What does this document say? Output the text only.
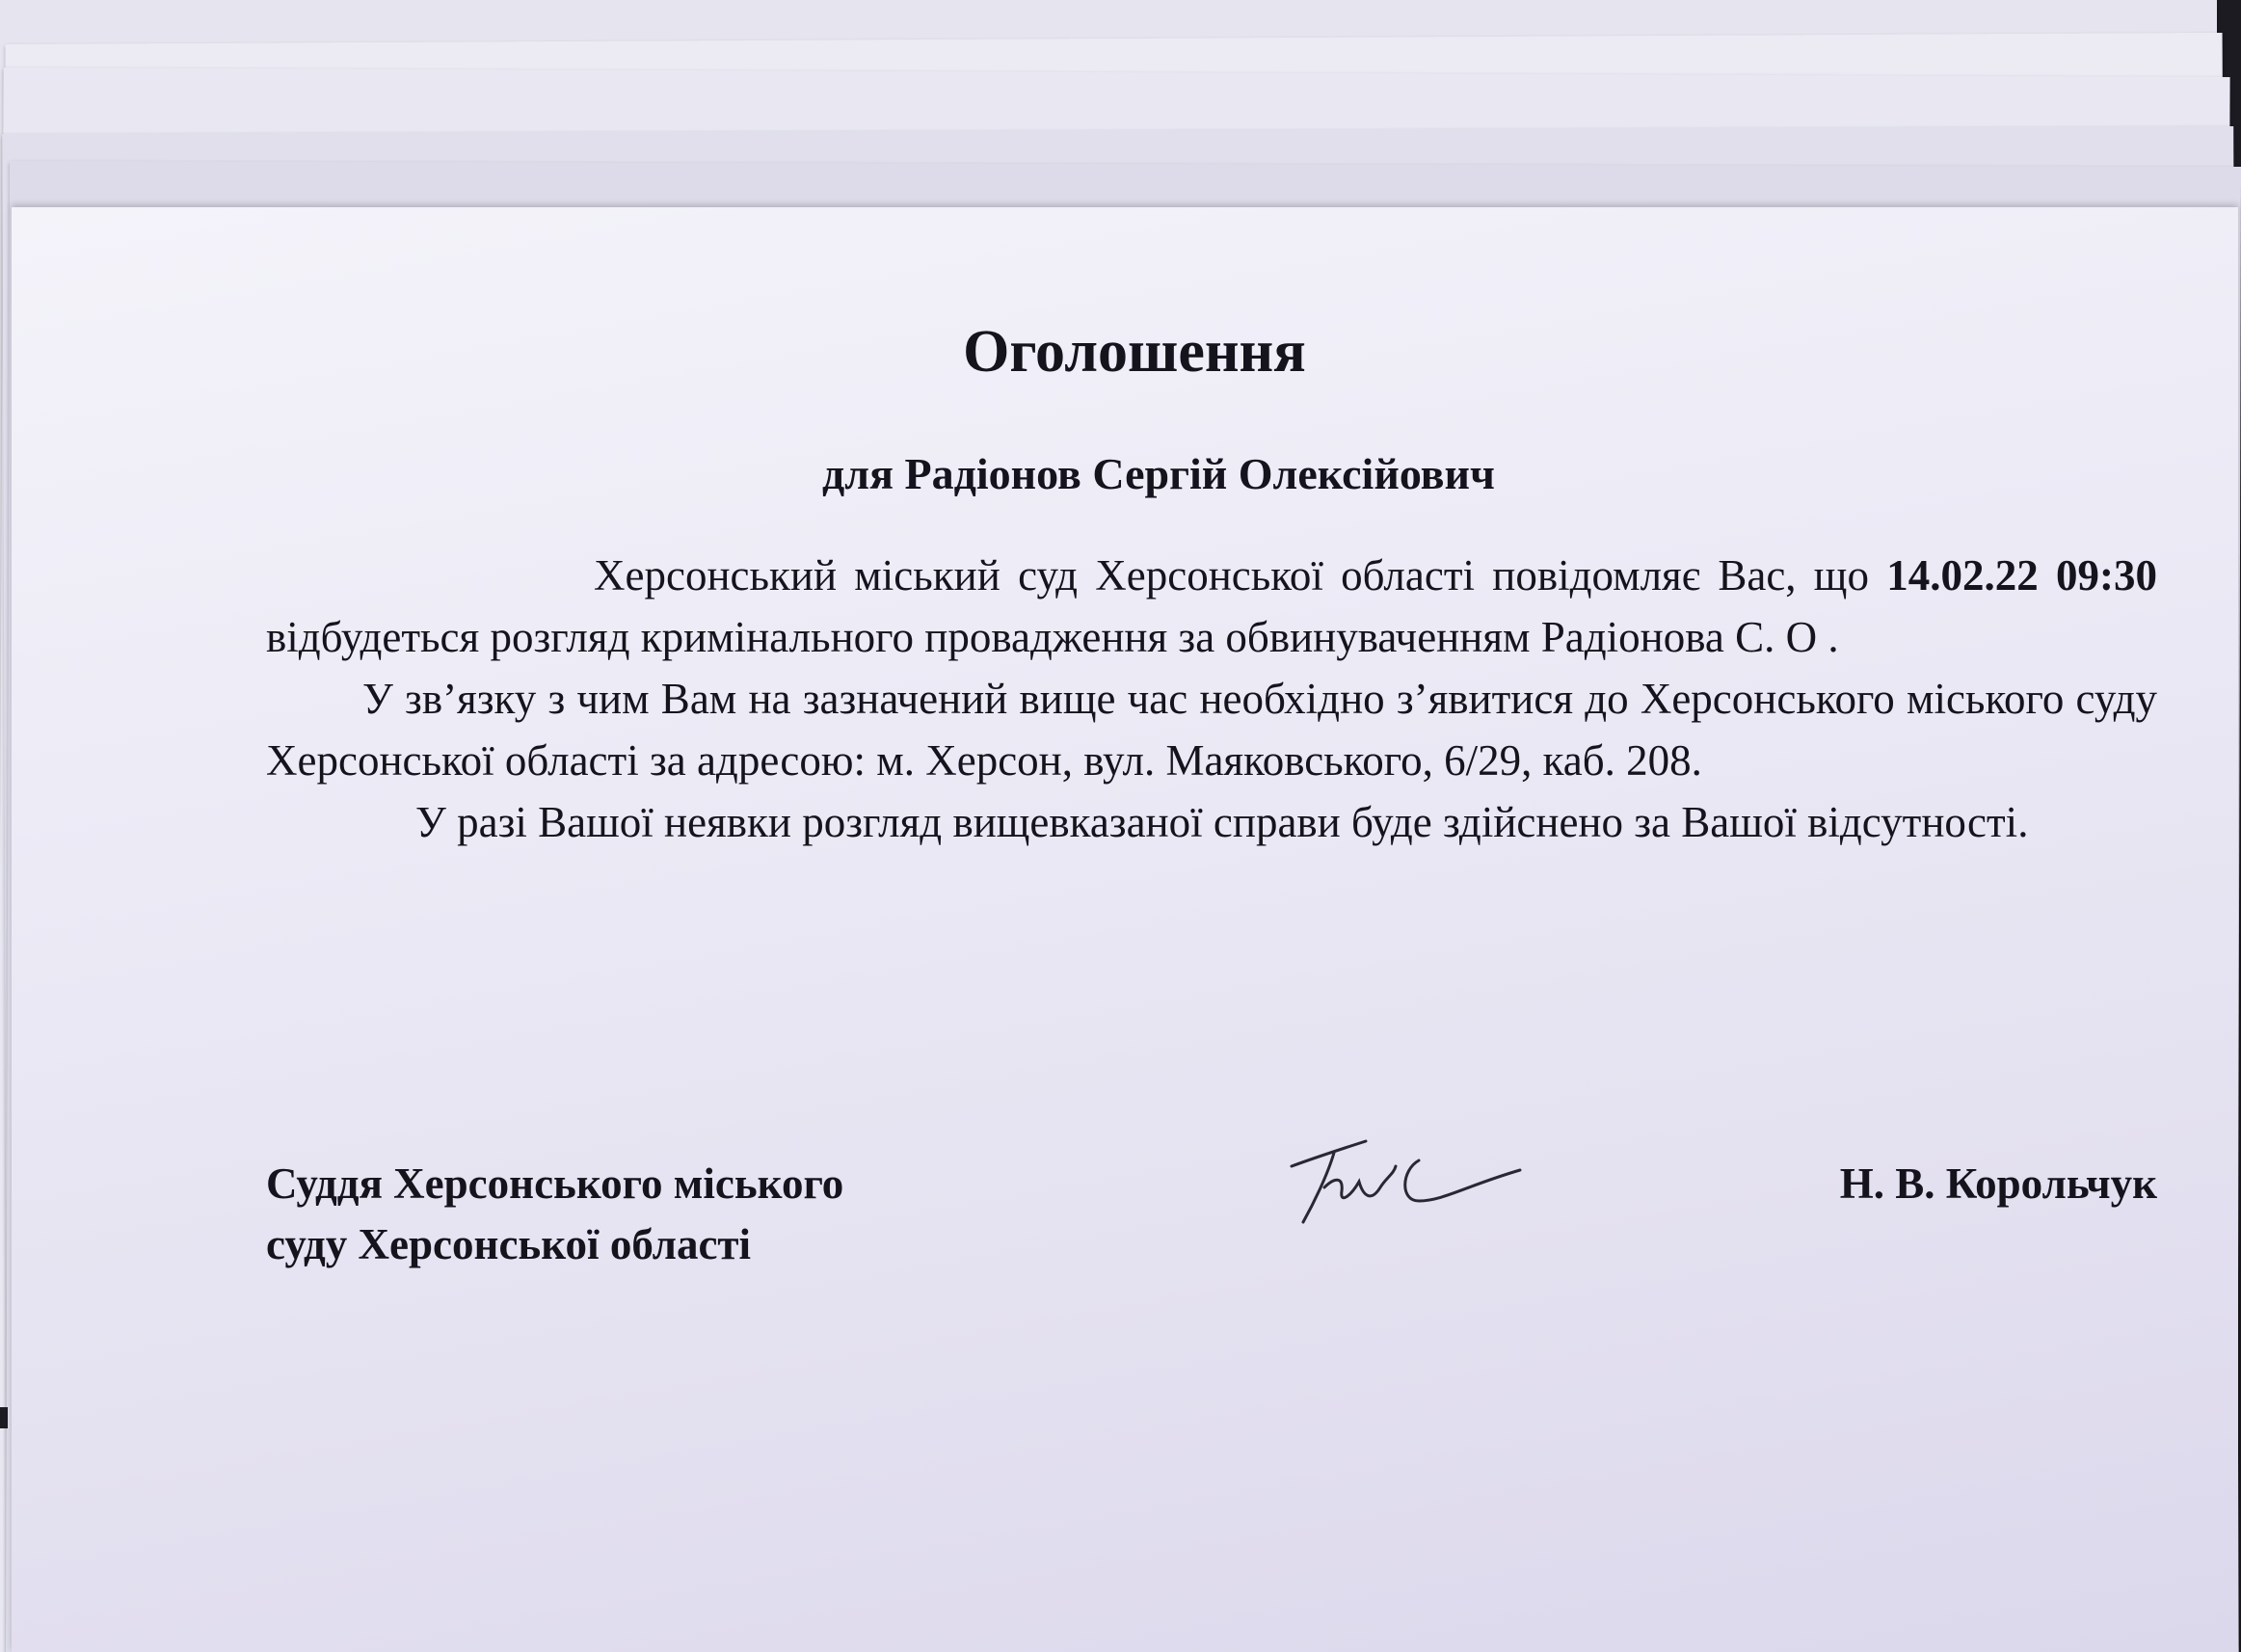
Оголошення
для Радіонов Сергій Олексійович

Херсонський міський суд Херсонської області повідомляє Вас, що 14.02.22 09:30 відбудеться розгляд кримінального провадження за обвинуваченням Радіонова С. О .

У зв’язку з чим Вам на зазначений вище час необхідно з’явитися до Херсонського міського суду Херсонської області за адресою: м. Херсон, вул. Маяковського, 6/29, каб. 208.

У разі Вашої неявки розгляд вищевказаної справи буде здійснено за Вашої відсутності.

Суддя Херсонського міського
суду Херсонської області
Н. В. Корольчук
